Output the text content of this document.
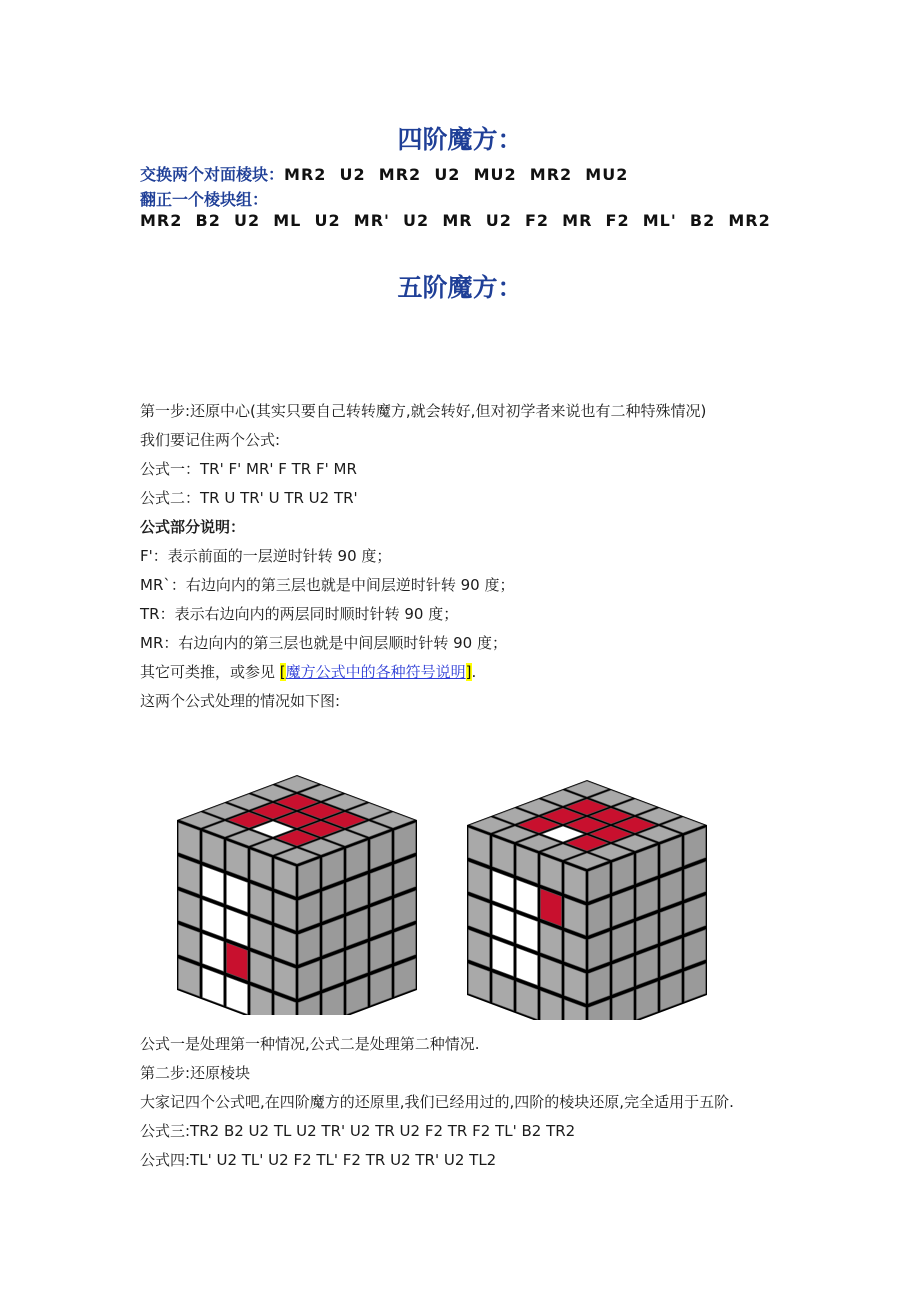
四阶魔方：
交换两个对面棱块：MR2  U2  MR2  U2  MU2  MR2  MU2
翻正一个棱块组：
MR2  B2  U2  ML  U2  MR'  U2  MR  U2  F2  MR  F2  ML'  B2  MR2
五阶魔方：
第一步:还原中心(其实只要自己转转魔方,就会转好,但对初学者来说也有二种特殊情况)
我们要记住两个公式:
公式一：TR' F' MR' F TR F' MR
公式二：TR U TR' U TR U2 TR'
公式部分说明：
F'：表示前面的一层逆时针转 90 度；
MR`：右边向内的第三层也就是中间层逆时针转 90 度；
TR：表示右边向内的两层同时顺时针转 90 度；
MR：右边向内的第三层也就是中间层顺时针转 90 度；
其它可类推，或参见 [魔方公式中的各种符号说明].
这两个公式处理的情况如下图:
公式一是处理第一种情况,公式二是处理第二种情况.
第二步:还原棱块
大家记四个公式吧,在四阶魔方的还原里,我们已经用过的,四阶的棱块还原,完全适用于五阶.
公式三:TR2 B2 U2 TL U2 TR' U2 TR U2 F2 TR F2 TL' B2 TR2
公式四:TL' U2 TL' U2 F2 TL' F2 TR U2 TR' U2 TL2
